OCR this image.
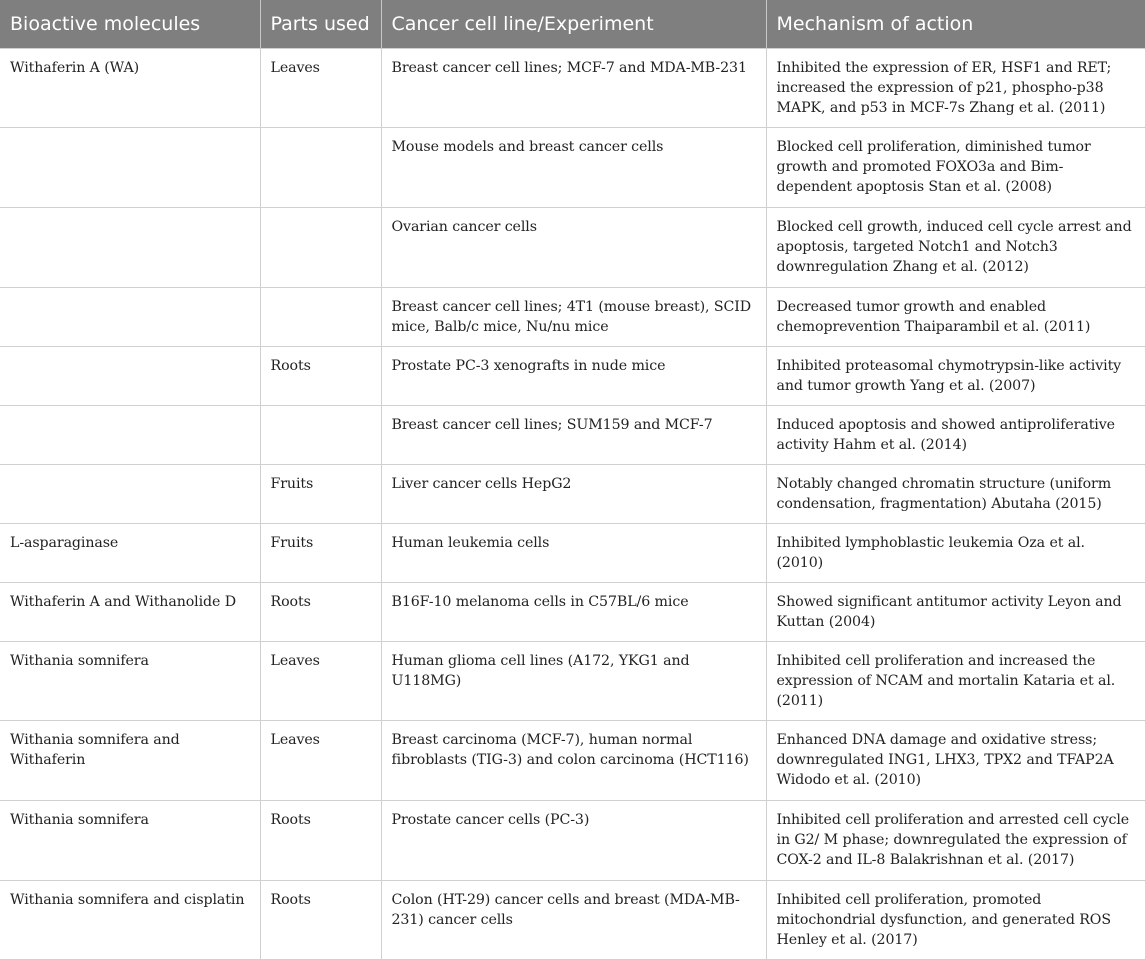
Bioactive molecules	Parts used	Cancer cell line/Experiment	Mechanism of action
Withaferin A (WA)	Leaves	Breast cancer cell lines; MCF-7 and MDA-MB-231	Inhibited the expression of ER, HSF1 and RET; increased the expression of p21, phospho-p38 MAPK, and p53 in MCF-7s Zhang et al. (2011)
		Mouse models and breast cancer cells	Blocked cell proliferation, diminished tumor growth and promoted FOXO3a and Bim-dependent apoptosis Stan et al. (2008)
		Ovarian cancer cells	Blocked cell growth, induced cell cycle arrest and apoptosis, targeted Notch1 and Notch3 downregulation Zhang et al. (2012)
		Breast cancer cell lines; 4T1 (mouse breast), SCID mice, Balb/c mice, Nu/nu mice	Decreased tumor growth and enabled chemoprevention Thaiparambil et al. (2011)
	Roots	Prostate PC-3 xenografts in nude mice	Inhibited proteasomal chymotrypsin-like activity and tumor growth Yang et al. (2007)
		Breast cancer cell lines; SUM159 and MCF-7	Induced apoptosis and showed antiproliferative activity Hahm et al. (2014)
	Fruits	Liver cancer cells HepG2	Notably changed chromatin structure (uniform condensation, fragmentation) Abutaha (2015)
L-asparaginase	Fruits	Human leukemia cells	Inhibited lymphoblastic leukemia Oza et al. (2010)
Withaferin A and Withanolide D	Roots	B16F-10 melanoma cells in C57BL/6 mice	Showed significant antitumor activity Leyon and Kuttan (2004)
Withania somnifera	Leaves	Human glioma cell lines (A172, YKG1 and U118MG)	Inhibited cell proliferation and increased the expression of NCAM and mortalin Kataria et al. (2011)
Withania somnifera and Withaferin	Leaves	Breast carcinoma (MCF-7), human normal fibroblasts (TIG-3) and colon carcinoma (HCT116)	Enhanced DNA damage and oxidative stress; downregulated ING1, LHX3, TPX2 and TFAP2A Widodo et al. (2010)
Withania somnifera	Roots	Prostate cancer cells (PC-3)	Inhibited cell proliferation and arrested cell cycle in G2/ M phase; downregulated the expression of COX-2 and IL-8 Balakrishnan et al. (2017)
Withania somnifera and cisplatin	Roots	Colon (HT-29) cancer cells and breast (MDA-MB-231) cancer cells	Inhibited cell proliferation, promoted mitochondrial dysfunction, and generated ROS Henley et al. (2017)
